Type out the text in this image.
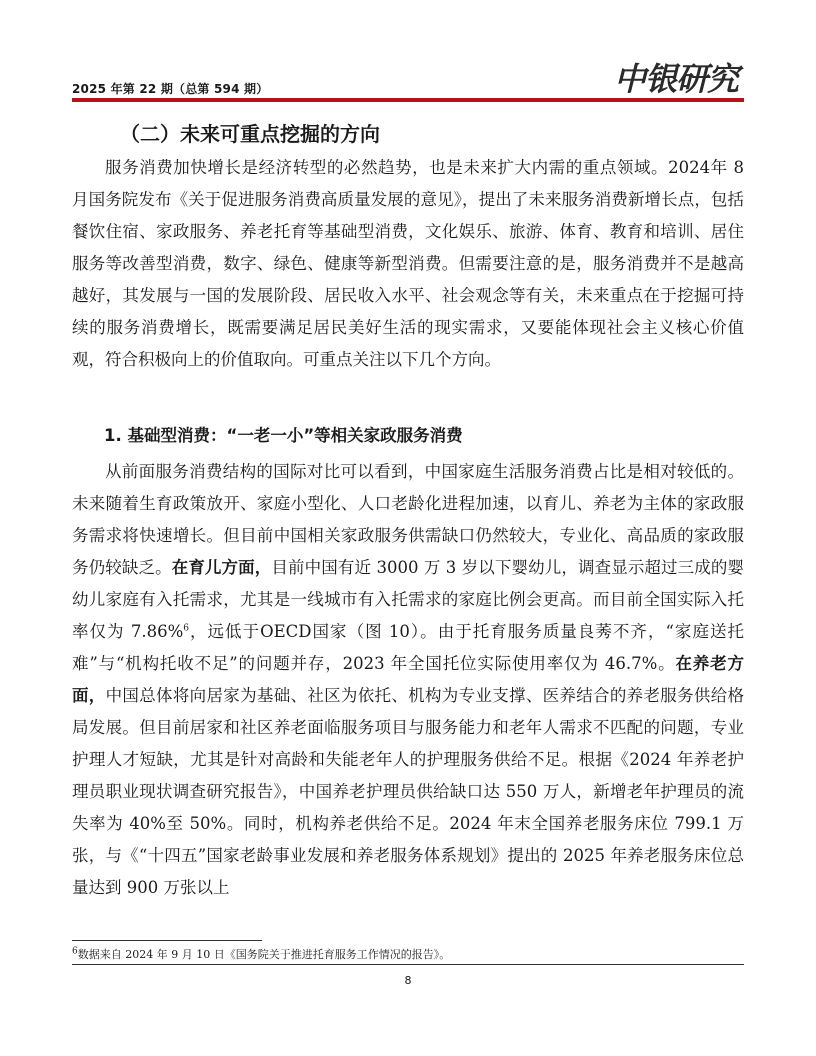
2025 年第 22 期（总第 594 期）	中银研究
（二）未来可重点挖掘的方向

服务消费加快增长是经济转型的必然趋势，也是未来扩大内需的重点领域。2024年 8 月国务院发布《关于促进服务消费高质量发展的意见》，提出了未来服务消费新增长点，包括餐饮住宿、家政服务、养老托育等基础型消费，文化娱乐、旅游、体育、教育和培训、居住服务等改善型消费，数字、绿色、健康等新型消费。但需要注意的是，服务消费并不是越高越好，其发展与一国的发展阶段、居民收入水平、社会观念等有关，未来重点在于挖掘可持续的服务消费增长，既需要满足居民美好生活的现实需求，又要能体现社会主义核心价值观，符合积极向上的价值取向。可重点关注以下几个方向。

1. 基础型消费：“一老一小”等相关家政服务消费

从前面服务消费结构的国际对比可以看到，中国家庭生活服务消费占比是相对较低的。未来随着生育政策放开、家庭小型化、人口老龄化进程加速，以育儿、养老为主体的家政服务需求将快速增长。但目前中国相关家政服务供需缺口仍然较大，专业化、高品质的家政服务仍较缺乏。在育儿方面，目前中国有近 3000 万 3 岁以下婴幼儿，调查显示超过三成的婴幼儿家庭有入托需求，尤其是一线城市有入托需求的家庭比例会更高。而目前全国实际入托率仅为 7.86%$^6$，远低于OECD国家（图 10）。由于托育服务质量良莠不齐，“家庭送托难”与“机构托收不足”的问题并存，2023 年全国托位实际使用率仅为 46.7%。在养老方面，中国总体将向居家为基础、社区为依托、机构为专业支撑、医养结合的养老服务供给格局发展。但目前居家和社区养老面临服务项目与服务能力和老年人需求不匹配的问题，专业护理人才短缺，尤其是针对高龄和失能老年人的护理服务供给不足。根据《2024 年养老护理员职业现状调查研究报告》，中国养老护理员供给缺口达 550 万人，新增老年护理员的流失率为 40%至 50%。同时，机构养老供给不足。2024 年末全国养老服务床位 799.1 万张，与《“十四五”国家老龄事业发展和养老服务体系规划》提出的 2025 年养老服务床位总量达到 900 万张以上

$^6$数据来自 2024 年 9 月 10 日《国务院关于推进托育服务工作情况的报告》。
8
